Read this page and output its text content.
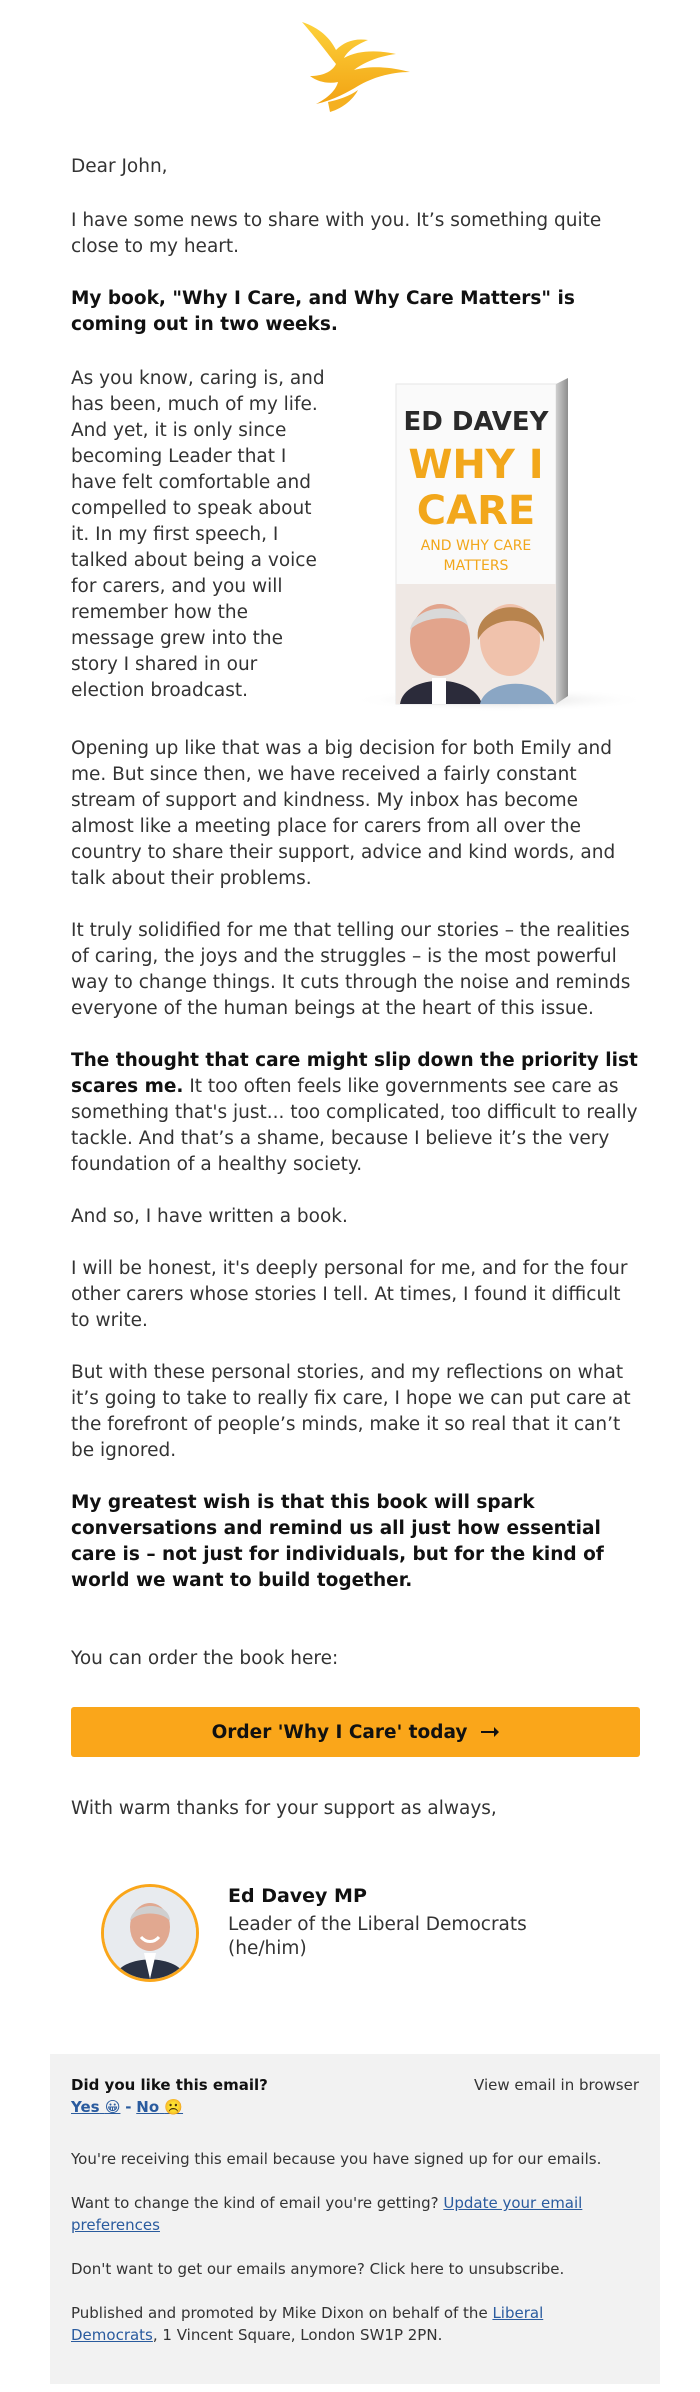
Dear John,
I have some news to share with you. It’s something quite close to my heart.
My book, "Why I Care, and Why Care Matters" is coming out in two weeks.
As you know, caring is, and
has been, much of my life.
And yet, it is only since
becoming Leader that I
have felt comfortable and
compelled to speak about
it. In my first speech, I
talked about being a voice
for carers, and you will
remember how the
message grew into the
story I shared in our
election broadcast.
ED DAVEY
WHY I
CARE
AND WHY CARE
MATTERS
Opening up like that was a big decision for both Emily and me. But since then, we have received a fairly constant stream of support and kindness. My inbox has become almost like a meeting place for carers from all over the country to share their support, advice and kind words, and talk about their problems.
It truly solidified for me that telling our stories – the realities of caring, the joys and the struggles – is the most powerful way to change things. It cuts through the noise and reminds everyone of the human beings at the heart of this issue.
The thought that care might slip down the priority list scares me. It too often feels like governments see care as something that's just... too complicated, too difficult to really tackle. And that’s a shame, because I believe it’s the very foundation of a healthy society.
And so, I have written a book.
I will be honest, it's deeply personal for me, and for the four other carers whose stories I tell. At times, I found it difficult to write.
But with these personal stories, and my reflections on what it’s going to take to really fix care, I hope we can put care at the forefront of people’s minds, make it so real that it can’t be ignored.
My greatest wish is that this book will spark conversations and remind us all just how essential care is – not just for individuals, but for the kind of world we want to build together.
You can order the book here:
Order 'Why I Care' today
With warm thanks for your support as always,
Ed Davey MP
Leader of the Liberal Democrats
(he/him)
Did you like this email?
Yes 😀 - No ☹️
View email in browser
You're receiving this email because you have signed up for our emails.
Want to change the kind of email you're getting? Update your email preferences
Don't want to get our emails anymore? Click here to unsubscribe.
Published and promoted by Mike Dixon on behalf of the Liberal Democrats, 1 Vincent Square, London SW1P 2PN.
